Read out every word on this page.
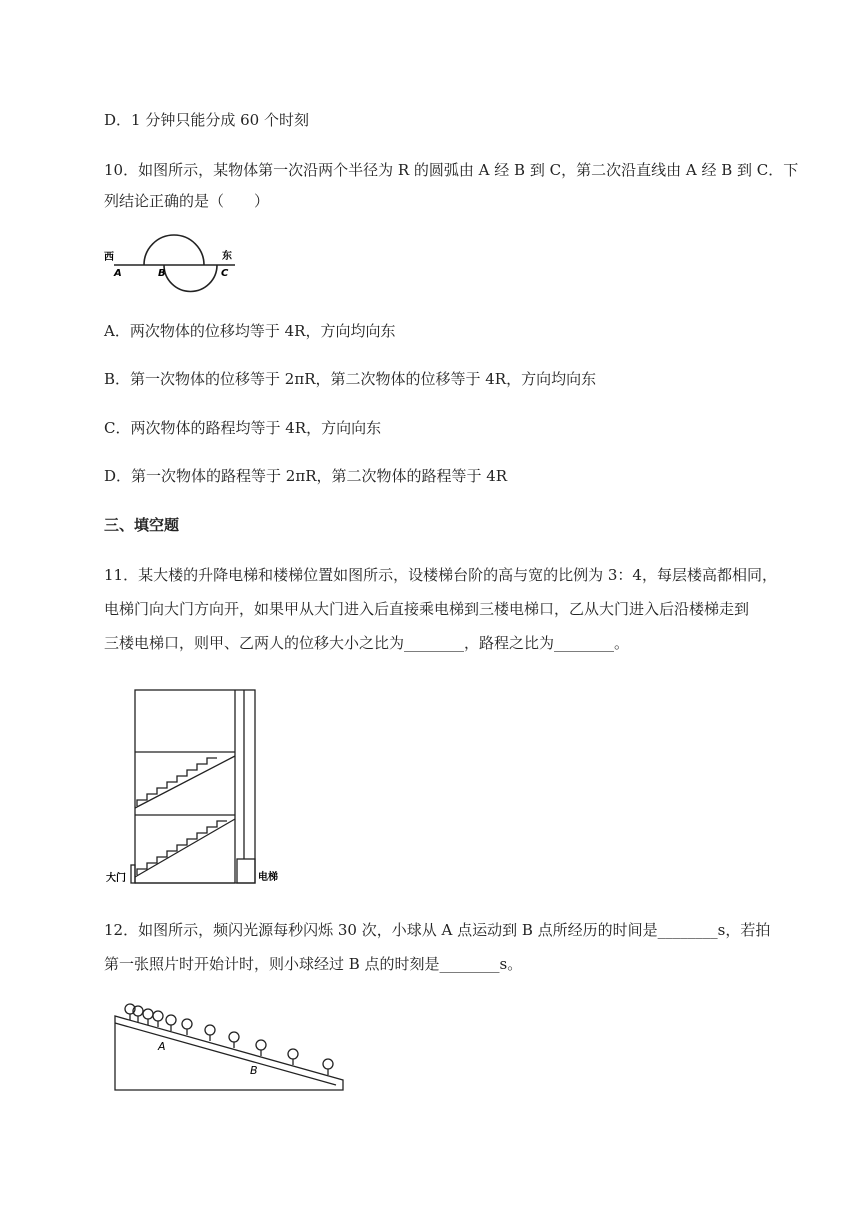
D．1 分钟只能分成 60 个时刻
10．如图所示，某物体第一次沿两个半径为 R 的圆弧由 A 经 B 到 C，第二次沿直线由 A 经 B 到 C．下
列结论正确的是（　　）
西	东
A	B	C
A．两次物体的位移均等于 4R，方向均向东
B．第一次物体的位移等于 2πR，第二次物体的位移等于 4R，方向均向东
C．两次物体的路程均等于 4R，方向向东
D．第一次物体的路程等于 2πR，第二次物体的路程等于 4R
三、填空题
11．某大楼的升降电梯和楼梯位置如图所示，设楼梯台阶的高与宽的比例为 3：4，每层楼高都相同，
电梯门向大门方向开，如果甲从大门进入后直接乘电梯到三楼电梯口，乙从大门进入后沿楼梯走到
三楼电梯口，则甲、乙两人的位移大小之比为________，路程之比为________。
大门	电梯
12．如图所示，频闪光源每秒闪烁 30 次，小球从 A 点运动到 B 点所经历的时间是________s，若拍
第一张照片时开始计时，则小球经过 B 点的时刻是________s。
A
B
